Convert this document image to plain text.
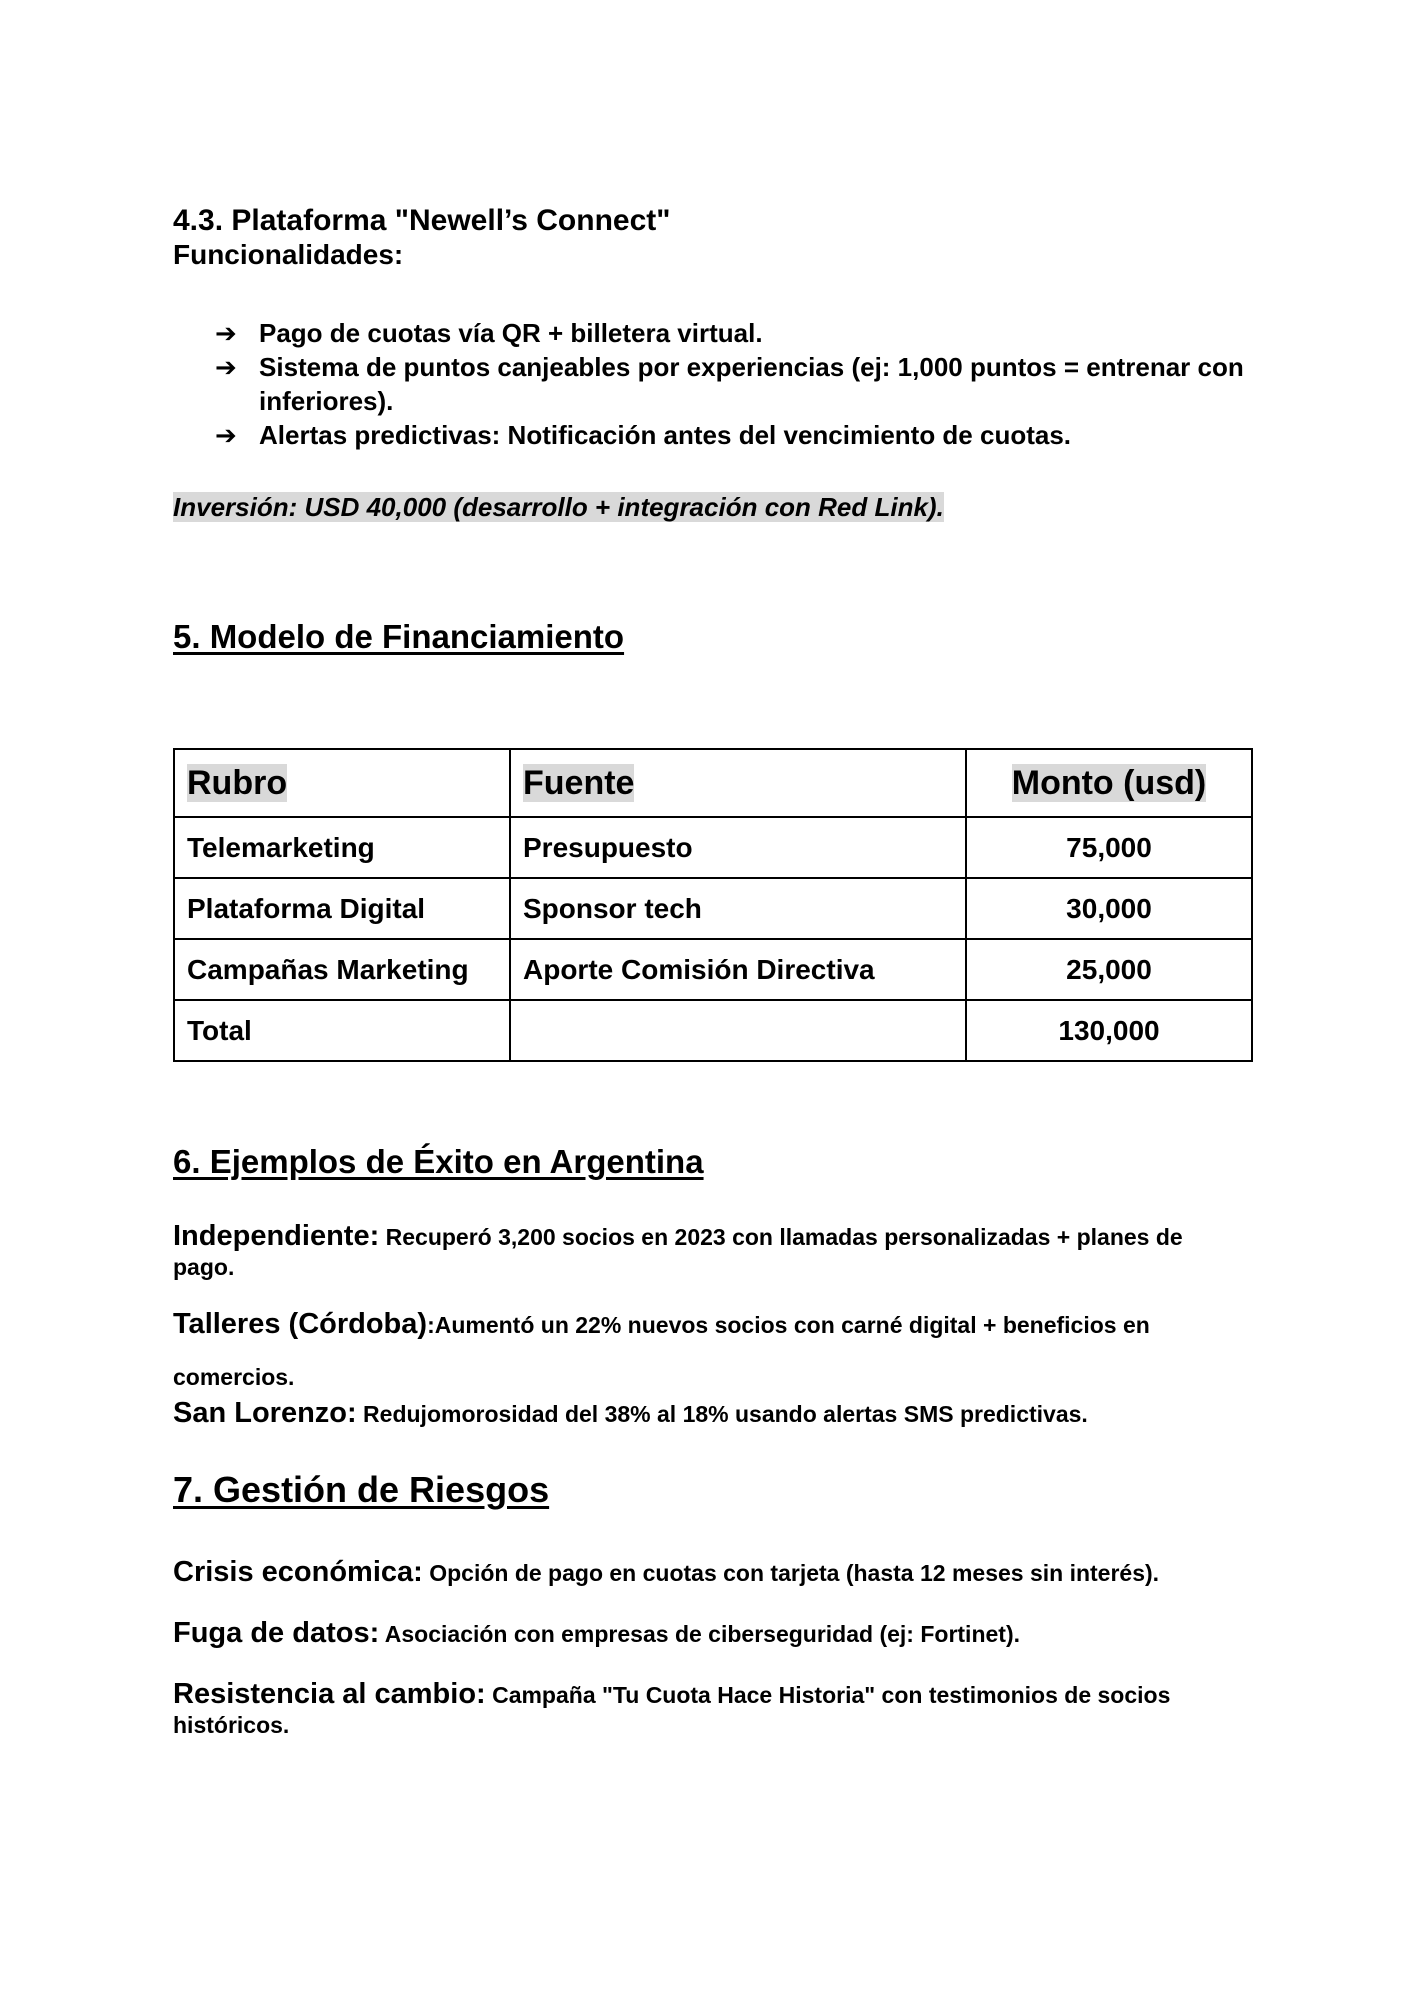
4.3. Plataforma "Newell’s Connect"
Funcionalidades:
➔ Pago de cuotas vía QR + billetera virtual.
➔ Sistema de puntos canjeables por experiencias (ej: 1,000 puntos = entrenar con inferiores).
➔ Alertas predictivas: Notificación antes del vencimiento de cuotas.
Inversión: USD 40,000 (desarrollo + integración con Red Link).
5. Modelo de Financiamiento
Rubro	Fuente	Monto (usd)
Telemarketing	Presupuesto	75,000
Plataforma Digital	Sponsor tech	30,000
Campañas Marketing	Aporte Comisión Directiva	25,000
Total		130,000
6. Ejemplos de Éxito en Argentina
Independiente: Recuperó 3,200 socios en 2023 con llamadas personalizadas + planes de pago.
Talleres (Córdoba):Aumentó un 22% nuevos socios con carné digital + beneficios en comercios.
San Lorenzo: Redujomorosidad del 38% al 18% usando alertas SMS predictivas.
7. Gestión de Riesgos
Crisis económica: Opción de pago en cuotas con tarjeta (hasta 12 meses sin interés).
Fuga de datos: Asociación con empresas de ciberseguridad (ej: Fortinet).
Resistencia al cambio: Campaña "Tu Cuota Hace Historia" con testimonios de socios históricos.
